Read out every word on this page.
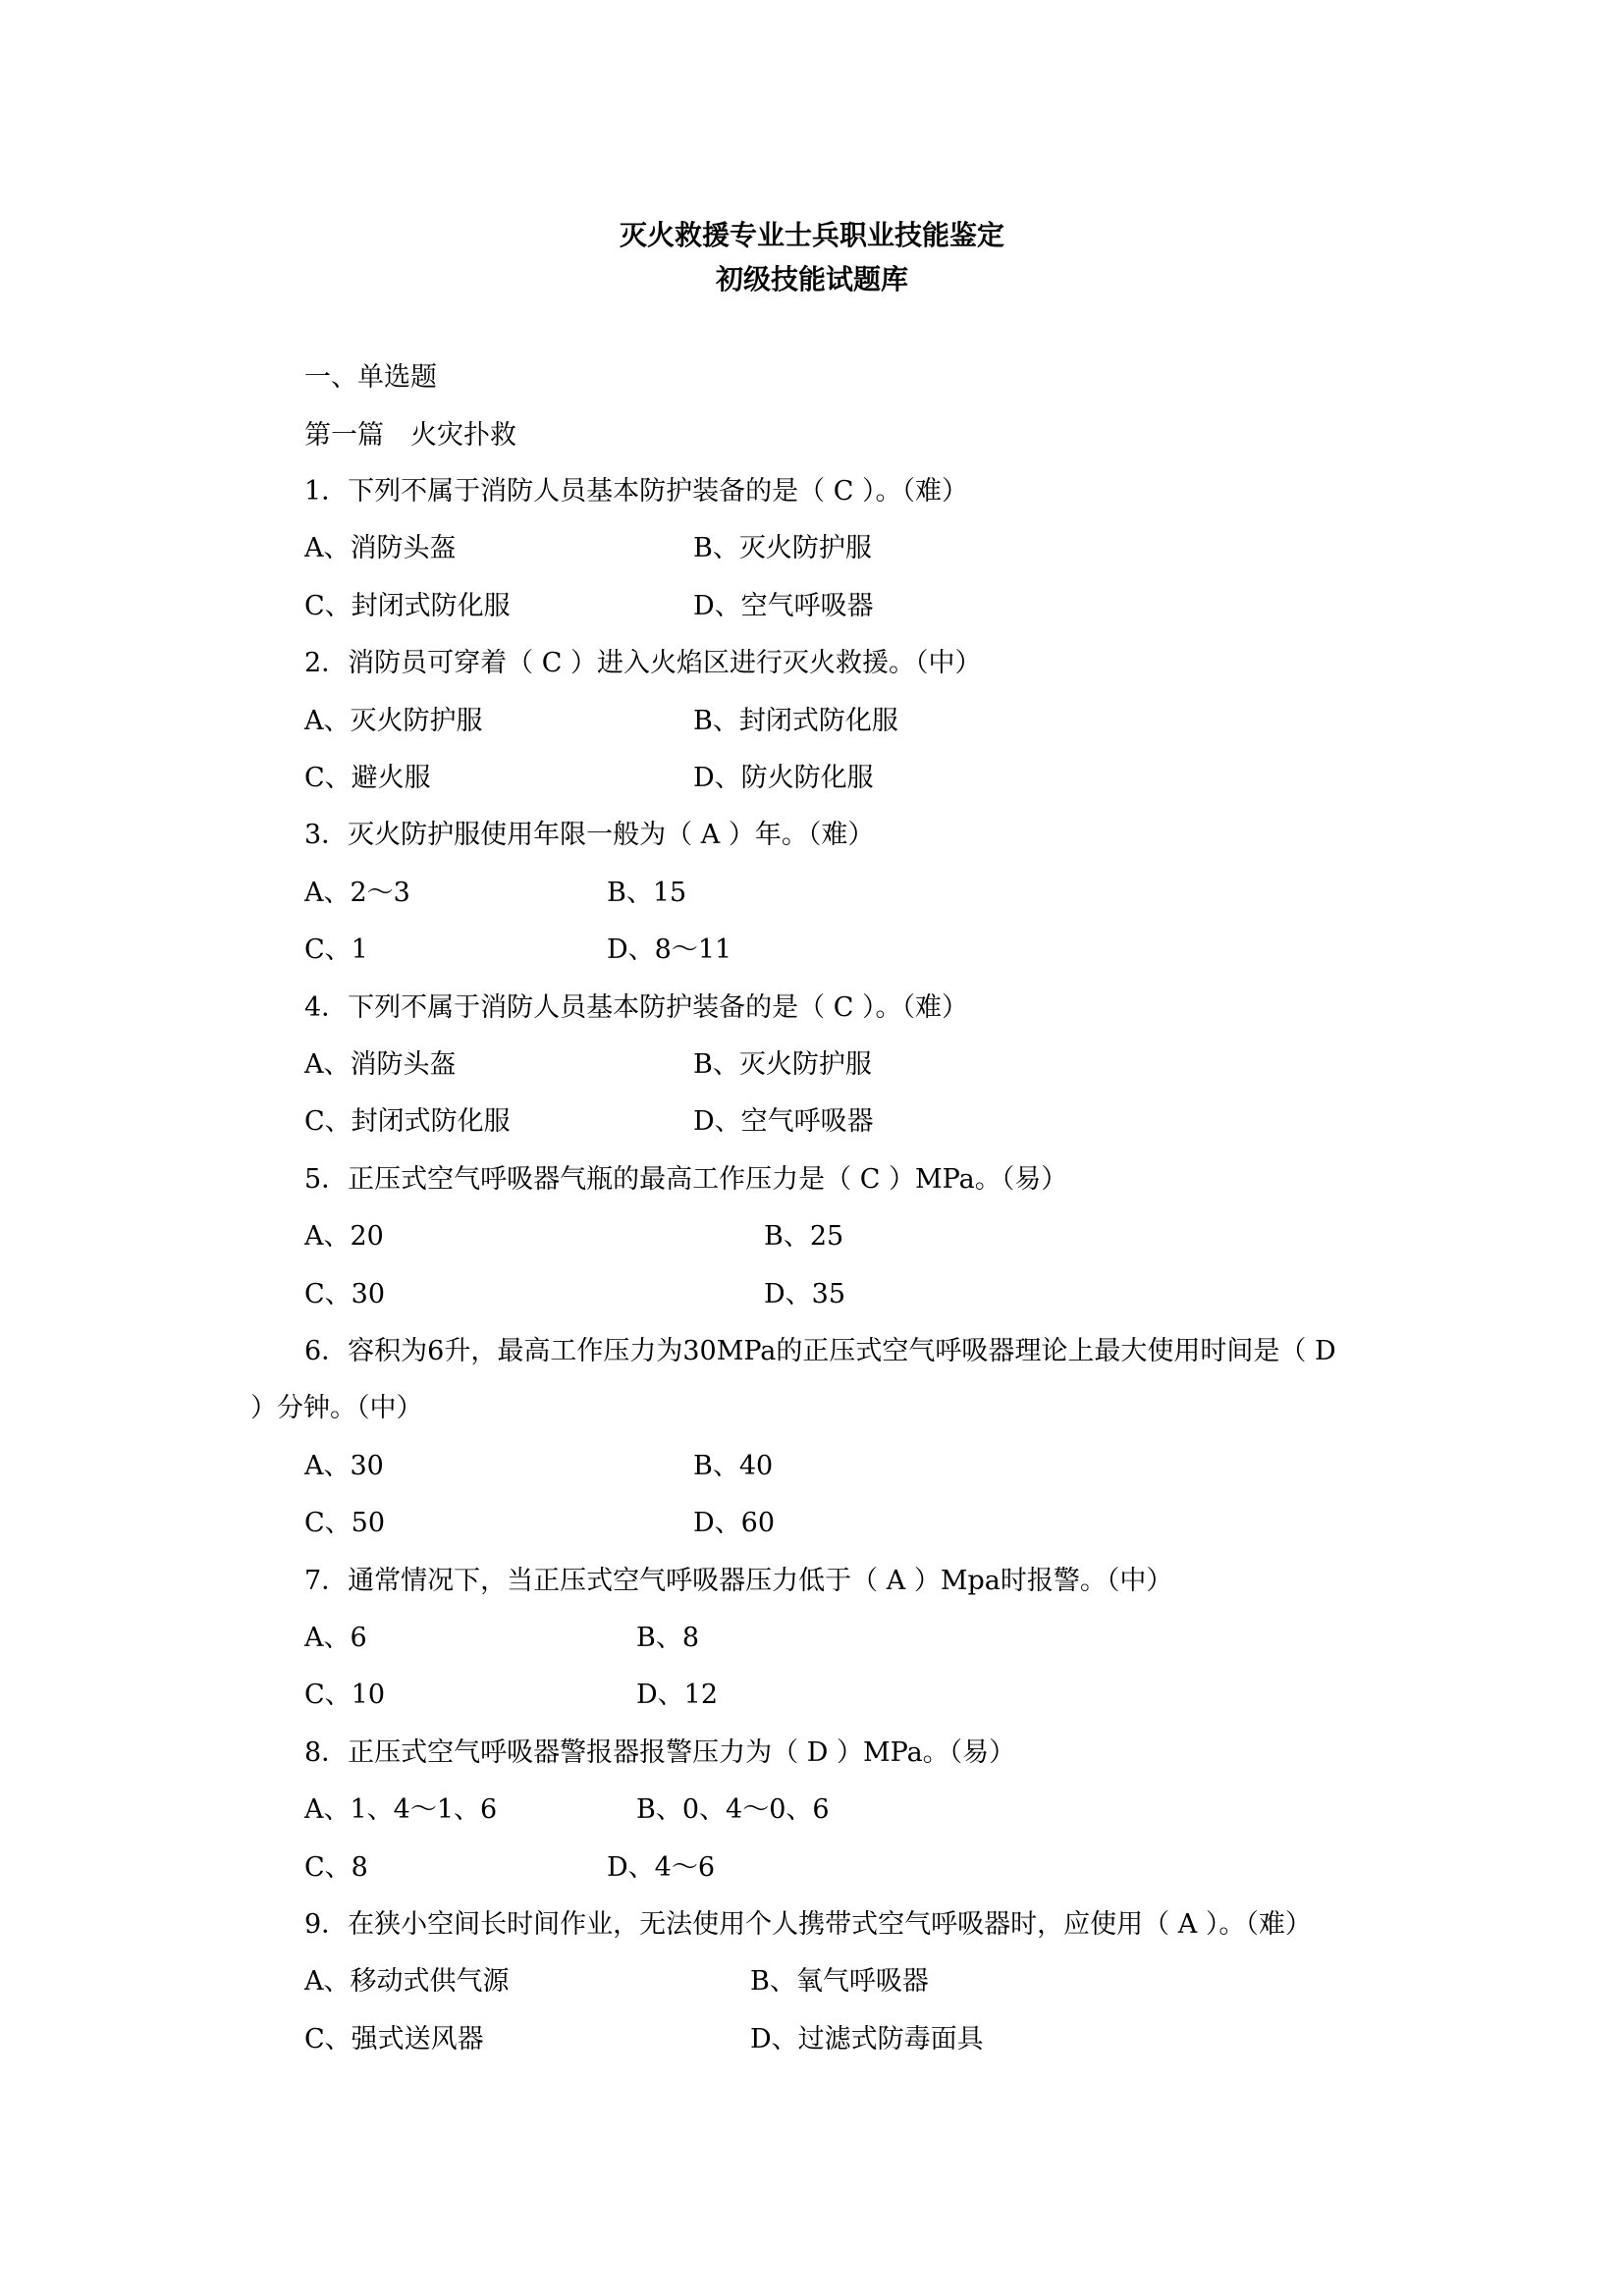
灭火救援专业士兵职业技能鉴定
初级技能试题库
一、单选题
第一篇　火灾扑救
1．下列不属于消防人员基本防护装备的是（ C ）。（难）
A、消防头盔	B、灭火防护服
C、封闭式防化服	D、空气呼吸器
2．消防员可穿着（ C ）进入火焰区进行灭火救援。（中）
A、灭火防护服	B、封闭式防化服
C、避火服	D、防火防化服
3．灭火防护服使用年限一般为（ A ）年。（难）
A、2～3	B、15
C、1	D、8～11
4．下列不属于消防人员基本防护装备的是（ C ）。（难）
A、消防头盔	B、灭火防护服
C、封闭式防化服	D、空气呼吸器
5．正压式空气呼吸器气瓶的最高工作压力是（ C ）MPa。（易）
A、20	B、25
C、30	D、35
6．容积为6升，最高工作压力为30MPa的正压式空气呼吸器理论上最大使用时间是（ D
）分钟。（中）
A、30	B、40
C、50	D、60
7．通常情况下，当正压式空气呼吸器压力低于（ A ）Mpa时报警。（中）
A、6	B、8
C、10	D、12
8．正压式空气呼吸器警报器报警压力为（ D ）MPa。（易）
A、1、4～1、6	B、0、4～0、6
C、8	D、4～6
9．在狭小空间长时间作业，无法使用个人携带式空气呼吸器时，应使用（ A ）。（难）
A、移动式供气源	B、氧气呼吸器
C、强式送风器	D、过滤式防毒面具
